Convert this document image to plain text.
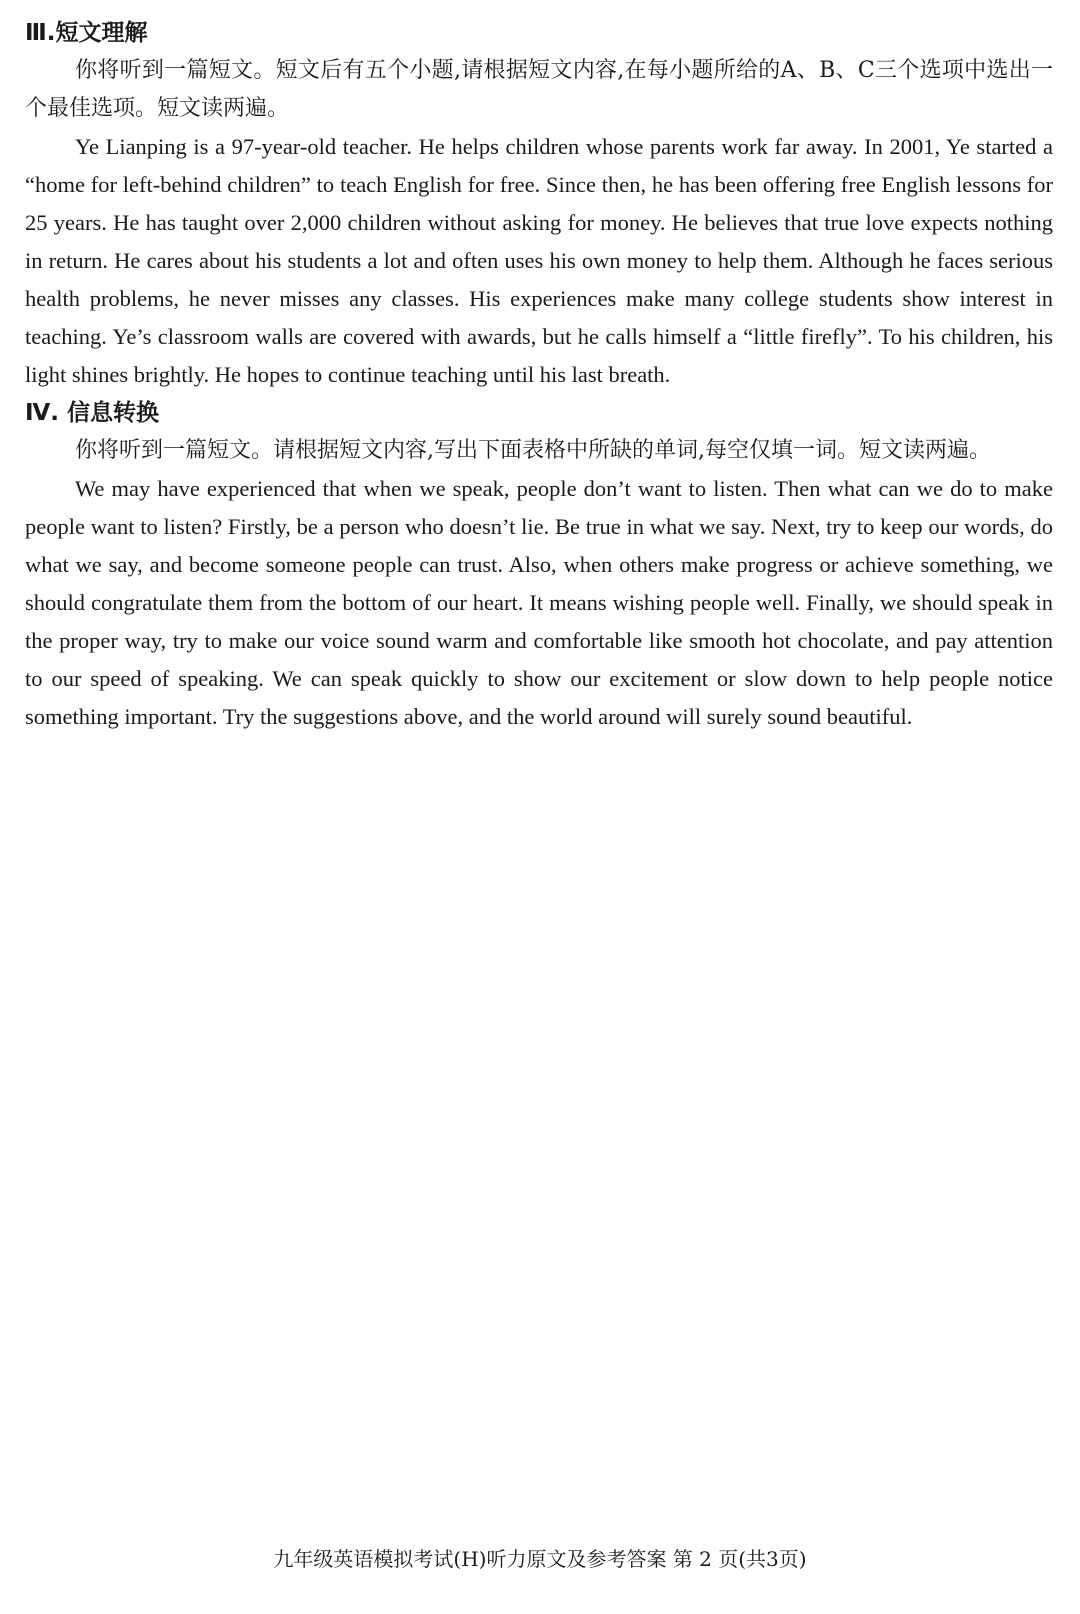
Ⅲ.短文理解

你将听到一篇短文。短文后有五个小题,请根据短文内容,在每小题所给的A、B、C三个选项中选出一个最佳选项。短文读两遍。

Ye Lianping is a 97-year-old teacher. He helps children whose parents work far away. In 2001, Ye started a “home for left-behind children” to teach English for free. Since then, he has been offering free English lessons for 25 years. He has taught over 2,000 children without asking for money. He believes that true love expects nothing in return. He cares about his students a lot and often uses his own money to help them. Although he faces serious health problems, he never misses any classes. His experiences make many college students show interest in teaching. Ye’s classroom walls are covered with awards, but he calls himself a “little firefly”. To his children, his light shines brightly. He hopes to continue teaching until his last breath.

Ⅳ. 信息转换

你将听到一篇短文。请根据短文内容,写出下面表格中所缺的单词,每空仅填一词。短文读两遍。

We may have experienced that when we speak, people don’t want to listen. Then what can we do to make people want to listen? Firstly, be a person who doesn’t lie. Be true in what we say. Next, try to keep our words, do what we say, and become someone people can trust. Also, when others make progress or achieve something, we should congratulate them from the bottom of our heart. It means wishing people well. Finally, we should speak in the proper way, try to make our voice sound warm and comfortable like smooth hot chocolate, and pay attention to our speed of speaking. We can speak quickly to show our excitement or slow down to help people notice something important. Try the suggestions above, and the world around will surely sound beautiful.

九年级英语模拟考试(H)听力原文及参考答案 第 2 页(共3页)
